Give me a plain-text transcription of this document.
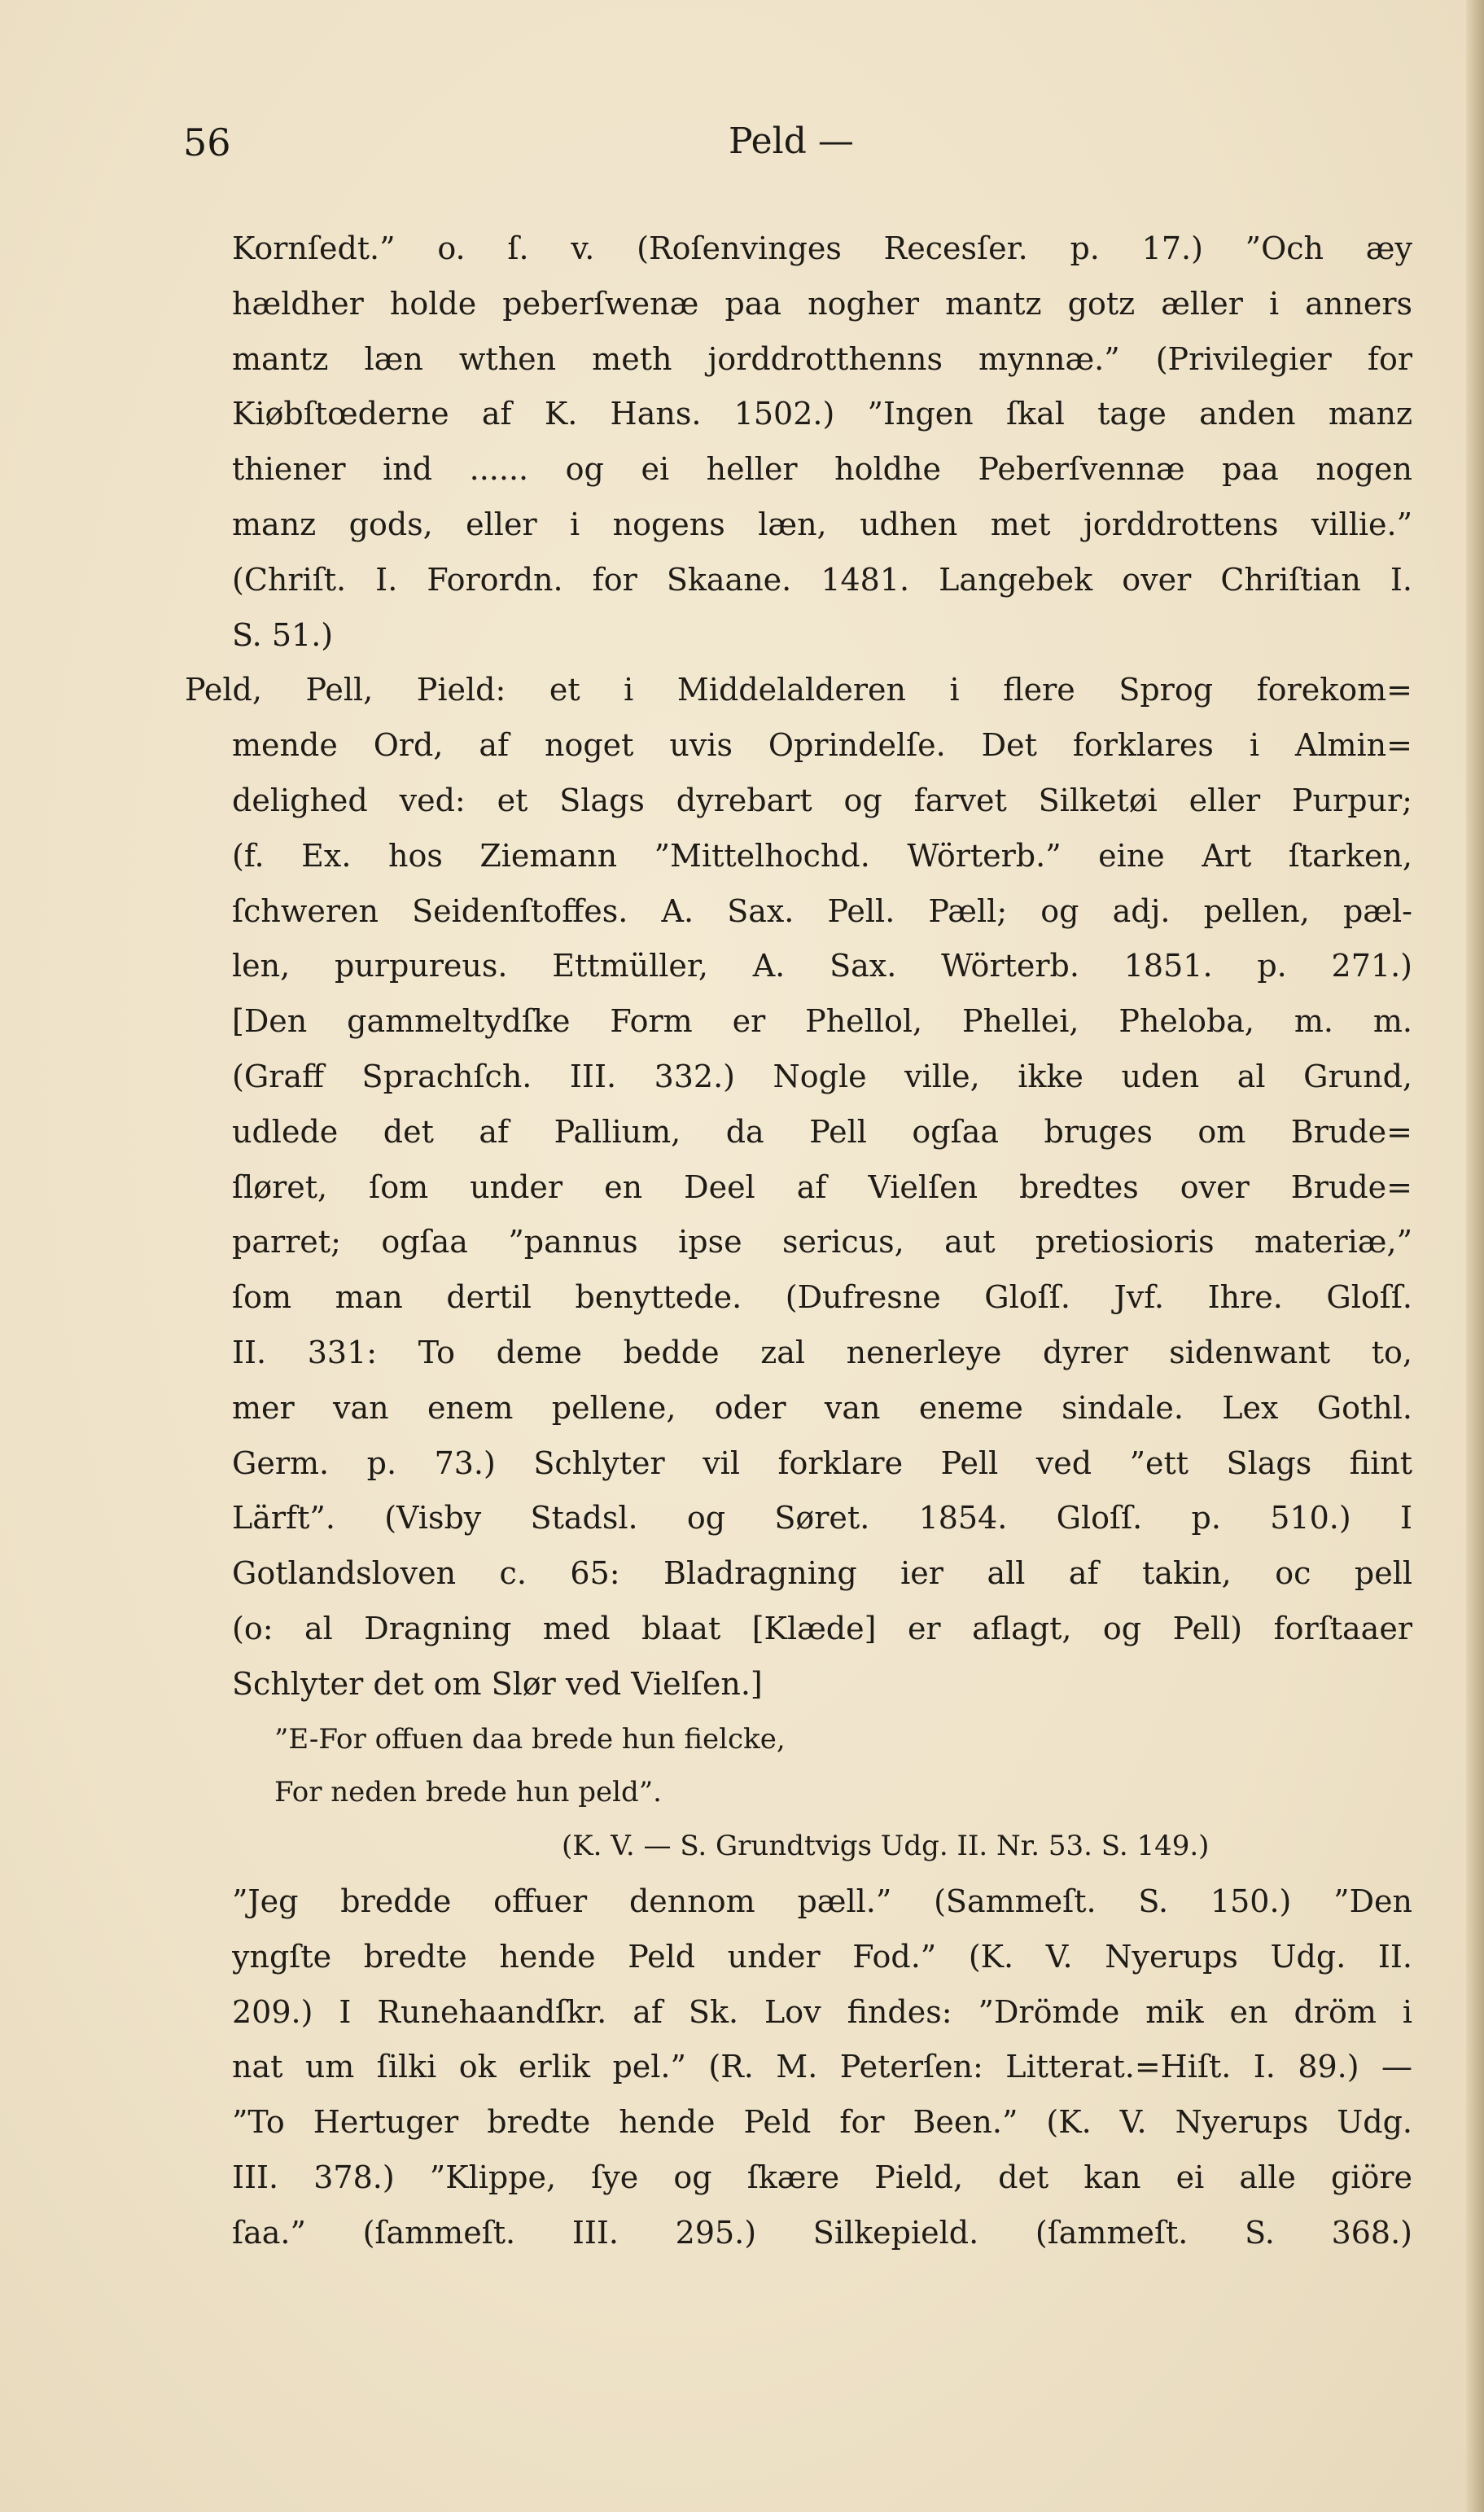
56	Peld —
Kornſedt.” o. ſ. v. (Roſenvinges Recesſer. p. 17.) ”Och æy
hældher holde peberſwenæ paa nogher mantz gotz æller i anners
mantz læn wthen meth jorddrotthenns mynnæ.” (Privilegier for
Kiøbſtœderne af K. Hans. 1502.) ”Ingen ſkal tage anden manz
thiener ind ...... og ei heller holdhe Peberſvennæ paa nogen
manz gods, eller i nogens læn, udhen met jorddrottens villie.”
(Chriſt. I. Forordn. for Skaane. 1481. Langebek over Chriſtian I.
S. 51.)
Peld, Pell, Pield: et i Middelalderen i flere Sprog forekom=
mende Ord, af noget uvis Oprindelſe. Det forklares i Almin=
delighed ved: et Slags dyrebart og farvet Silketøi eller Purpur;
(f. Ex. hos Ziemann ”Mittelhochd. Wörterb.” eine Art ſtarken,
ſchweren Seidenſtoffes. A. Sax. Pell. Pæll; og adj. pellen, pæl-
len, purpureus. Ettmüller, A. Sax. Wörterb. 1851. p. 271.)
[Den gammeltydſke Form er Phellol, Phellei, Pheloba, m. m.
(Graff Sprachſch. III. 332.) Nogle ville, ikke uden al Grund,
udlede det af Pallium, da Pell ogſaa bruges om Brude=
ſløret, ſom under en Deel af Vielſen bredtes over Brude=
parret; ogſaa ”pannus ipse sericus, aut pretiosioris materiæ,”
ſom man dertil benyttede. (Dufresne Gloſſ. Jvf. Ihre. Gloſſ.
II. 331: To deme bedde zal nenerleye dyrer sidenwant to,
mer van enem pellene, oder van eneme sindale. Lex Gothl.
Germ. p. 73.) Schlyter vil forklare Pell ved ”ett Slags fiint
Lärft”. (Visby Stadsl. og Søret. 1854. Gloſſ. p. 510.) I
Gotlandsloven c. 65: Bladragning ier all af takin, oc pell
(o: al Dragning med blaat [Klæde] er aflagt, og Pell) forſtaaer
Schlyter det om Slør ved Vielſen.]
”E-For offuen daa brede hun fielcke,
For neden brede hun peld”.
(K. V. — S. Grundtvigs Udg. II. Nr. 53. S. 149.)
”Jeg bredde offuer dennom pæll.” (Sammeſt. S. 150.) ”Den
yngſte bredte hende Peld under Fod.” (K. V. Nyerups Udg. II.
209.) I Runehaandſkr. af Sk. Lov findes: ”Drömde mik en dröm i
nat um ſilki ok erlik pel.” (R. M. Peterſen: Litterat.=Hiſt. I. 89.) —
”To Hertuger bredte hende Peld for Been.” (K. V. Nyerups Udg.
III. 378.) ”Klippe, ſye og ſkære Pield, det kan ei alle giöre
ſaa.” (ſammeſt. III. 295.) Silkepield. (ſammeſt. S. 368.)
